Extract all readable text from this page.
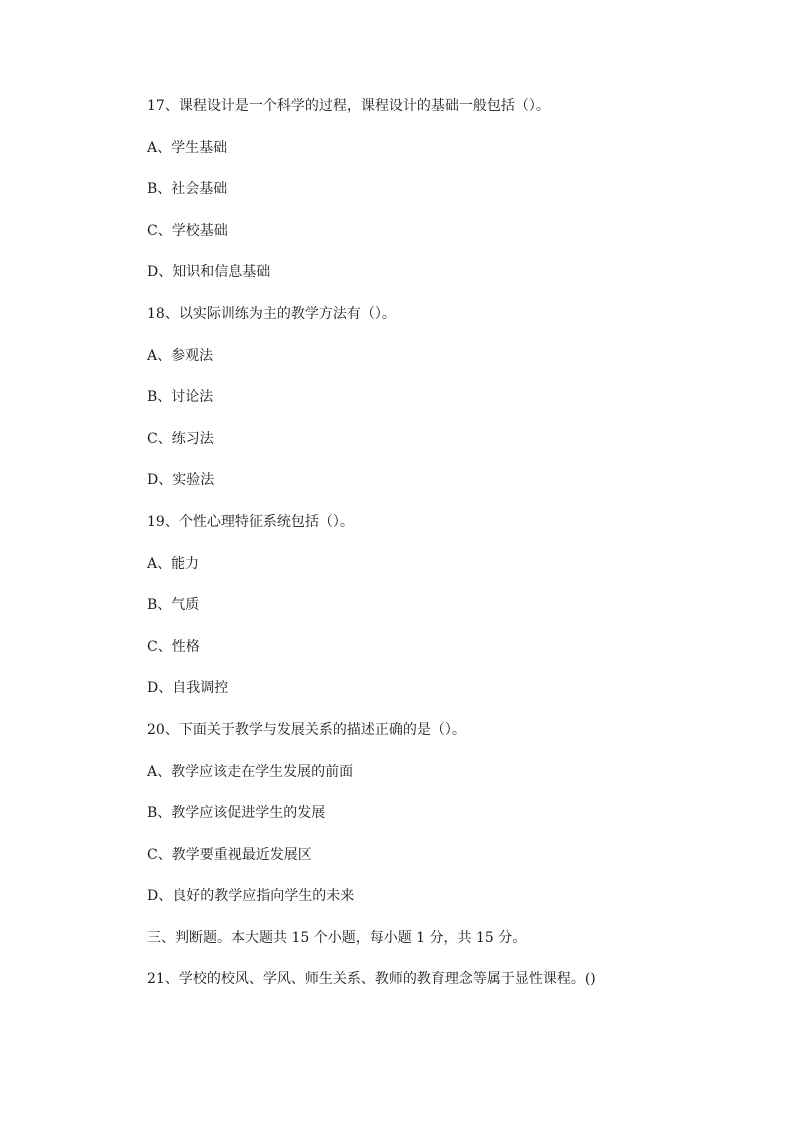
17、课程设计是一个科学的过程，课程设计的基础一般包括（）。
A、学生基础
B、社会基础
C、学校基础
D、知识和信息基础
18、以实际训练为主的教学方法有（）。
A、参观法
B、讨论法
C、练习法
D、实验法
19、个性心理特征系统包括（）。
A、能力
B、气质
C、性格
D、自我调控
20、下面关于教学与发展关系的描述正确的是（）。
A、教学应该走在学生发展的前面
B、教学应该促进学生的发展
C、教学要重视最近发展区
D、良好的教学应指向学生的未来
三、判断题。本大题共 15 个小题，每小题 1 分，共 15 分。
21、学校的校风、学风、师生关系、教师的教育理念等属于显性课程。()
